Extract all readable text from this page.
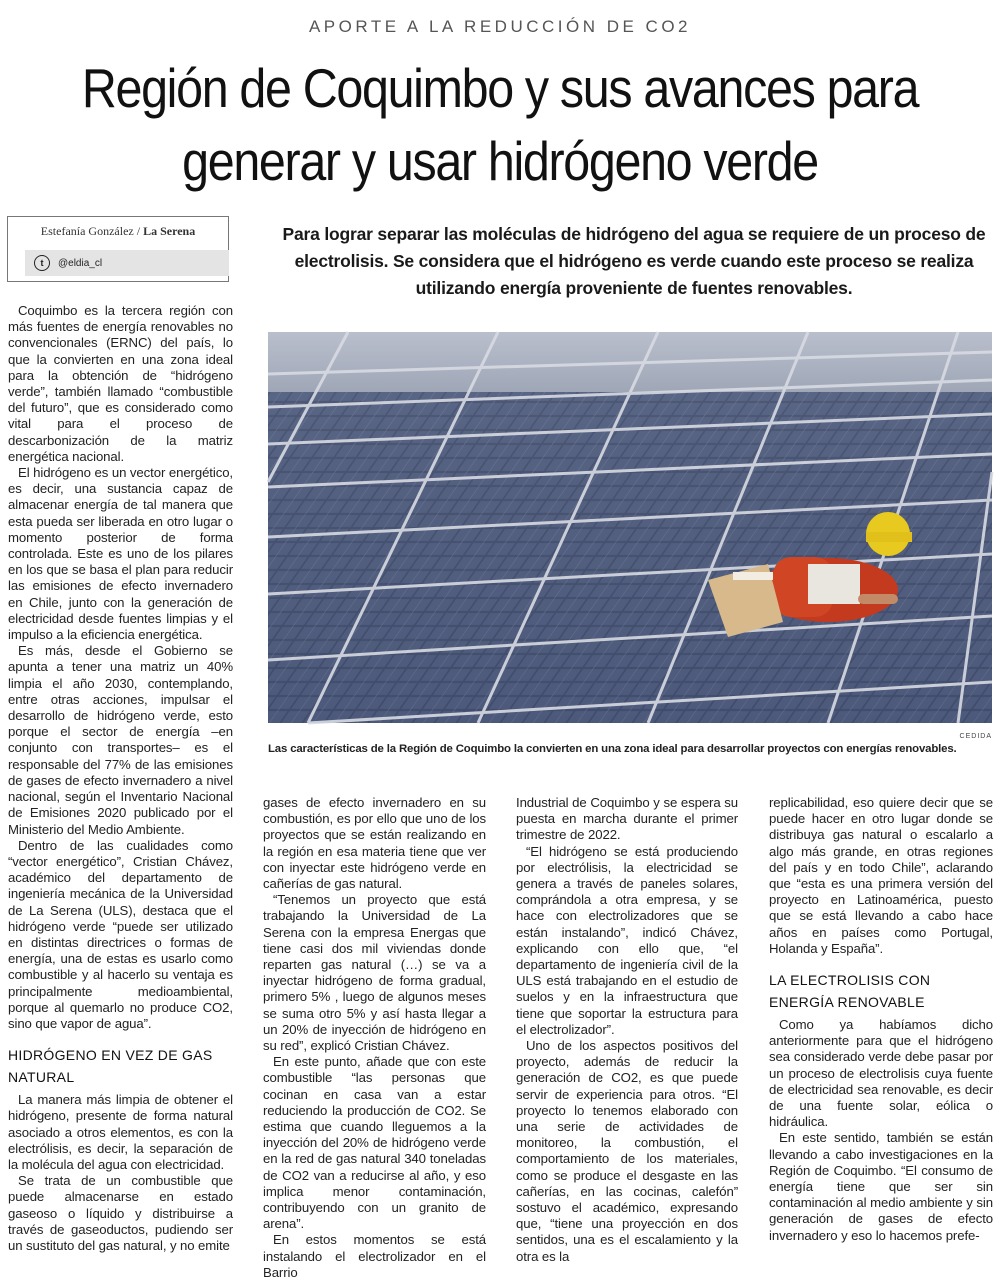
APORTE A LA REDUCCIÓN DE CO2
Región de Coquimbo y sus avances para generar y usar hidrógeno verde
Estefanía González / La Serena
t	@eldia_cl

Para lograr separar las moléculas de hidrógeno del agua se requiere de un proceso de electrolisis. Se considera que el hidrógeno es verde cuando este proceso se realiza utilizando energía proveniente de fuentes renovables.

CEDIDA

Las características de la Región de Coquimbo la convierten en una zona ideal para desarrollar proyectos con energías renovables.

Coquimbo es la tercera región con más fuentes de energía renovables no convencionales (ERNC) del país, lo que la convierten en una zona ideal para la obtención de “hidrógeno verde”, también llamado “combustible del futuro”, que es considerado como vital para el proceso de descarbonización de la matriz energética nacional.

El hidrógeno es un vector energético, es decir, una sustancia capaz de almacenar energía de tal manera que esta pueda ser liberada en otro lugar o momento posterior de forma controlada. Este es uno de los pilares en los que se basa el plan para reducir las emisiones de efecto invernadero en Chile, junto con la generación de electricidad desde fuentes limpias y el impulso a la eficiencia energética.

Es más, desde el Gobierno se apunta a tener una matriz un 40% limpia el año 2030, contemplando, entre otras acciones, impulsar el desarrollo de hidrógeno verde, esto porque el sector de energía –en conjunto con transportes– es el responsable del 77% de las emisiones de gases de efecto invernadero a nivel nacional, según el Inventario Nacional de Emisiones 2020 publicado por el Ministerio del Medio Ambiente.

Dentro de las cualidades como “vector energético”, Cristian Chávez, académico del departamento de ingeniería mecánica de la Universidad de La Serena (ULS), destaca que el hidrógeno verde “puede ser utilizado en distintas directrices o formas de energía, una de estas es usarlo como combustible y al hacerlo su ventaja es principalmente medioambiental, porque al quemarlo no produce CO2, sino que vapor de agua”.

HIDRÓGENO EN VEZ DE GAS NATURAL

La manera más limpia de obtener el hidrógeno, presente de forma natural asociado a otros elementos, es con la electrólisis, es decir, la separación de la molécula del agua con electricidad.

Se trata de un combustible que puede almacenarse en estado gaseoso o líquido y distribuirse a través de gaseoductos, pudiendo ser un sustituto del gas natural, y no emite

gases de efecto invernadero en su combustión, es por ello que uno de los proyectos que se están realizando en la región en esa materia tiene que ver con inyectar este hidrógeno verde en cañerías de gas natural.

“Tenemos un proyecto que está trabajando la Universidad de La Serena con la empresa Energas que tiene casi dos mil viviendas donde reparten gas natural (…) se va a inyectar hidrógeno de forma gradual, primero 5% , luego de algunos meses se suma otro 5% y así hasta llegar a un 20% de inyección de hidrógeno en su red”, explicó Cristian Chávez.

En este punto, añade que con este combustible “las personas que cocinan en casa van a estar reduciendo la producción de CO2. Se estima que cuando lleguemos a la inyección del 20% de hidrógeno verde en la red de gas natural 340 toneladas de CO2 van a reducirse al año, y eso implica menor contaminación, contribuyendo con un granito de arena”.

En estos momentos se está instalando el electrolizador en el Barrio

Industrial de Coquimbo y se espera su puesta en marcha durante el primer trimestre de 2022.

“El hidrógeno se está produciendo por electrólisis, la electricidad se genera a través de paneles solares, comprándola a otra empresa, y se hace con electrolizadores que se están instalando”, indicó Chávez, explicando con ello que, “el departamento de ingeniería civil de la ULS está trabajando en el estudio de suelos y en la infraestructura que tiene que soportar la estructura para el electrolizador”.

Uno de los aspectos positivos del proyecto, además de reducir la generación de CO2, es que puede servir de experiencia para otros. “El proyecto lo tenemos elaborado con una serie de actividades de monitoreo, la combustión, el comportamiento de los materiales, como se produce el desgaste en las cañerías, en las cocinas, calefón” sostuvo el académico, expresando que, “tiene una proyección en dos sentidos, una es el escalamiento y la otra es la

replicabilidad, eso quiere decir que se puede hacer en otro lugar donde se distribuya gas natural o escalarlo a algo más grande, en otras regiones del país y en todo Chile”, aclarando que “esta es una primera versión del proyecto en Latinoamérica, puesto que se está llevando a cabo hace años en países como Portugal, Holanda y España”.

LA ELECTROLISIS CON ENERGÍA RENOVABLE

Como ya habíamos dicho anteriormente para que el hidrógeno sea considerado verde debe pasar por un proceso de electrolisis cuya fuente de electricidad sea renovable, es decir de una fuente solar, eólica o hidráulica.

En este sentido, también se están llevando a cabo investigaciones en la Región de Coquimbo. “El consumo de energía tiene que ser sin contaminación al medio ambiente y sin generación de gases de efecto invernadero y eso lo hacemos prefe-
